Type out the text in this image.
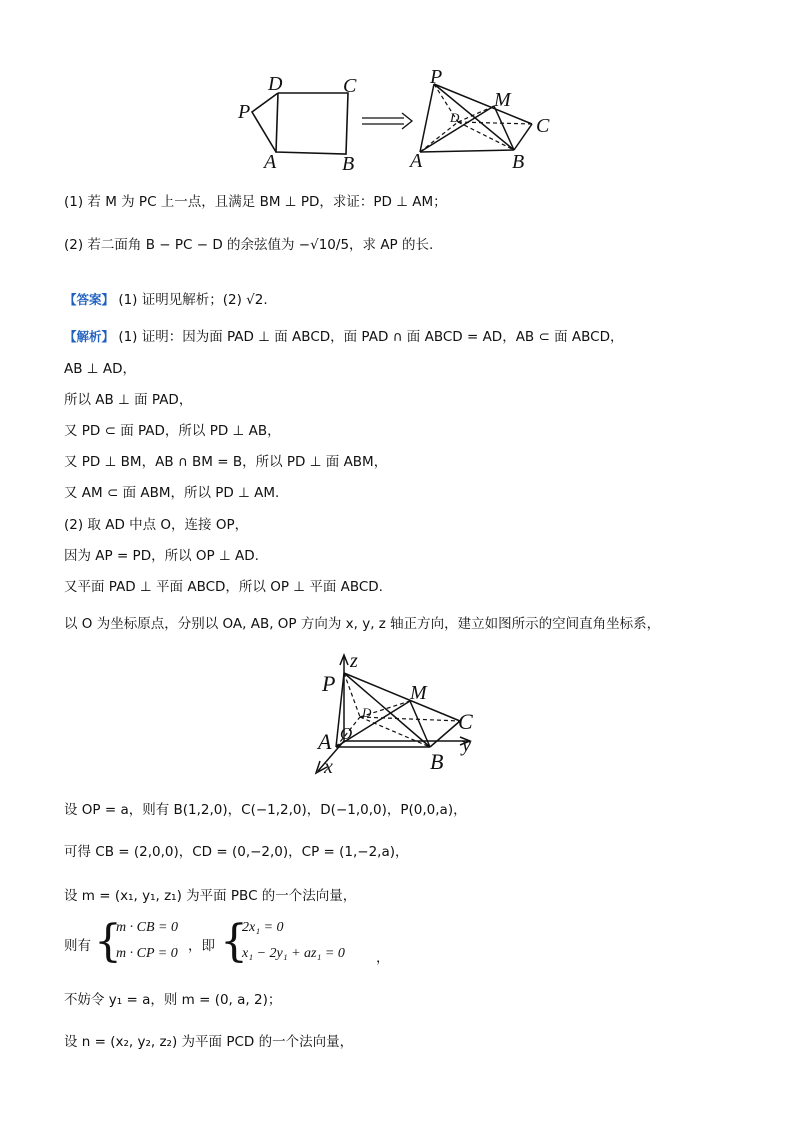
D	C
P
A	B
P
M
D	C
A	B
(1) 若 M 为 PC 上一点，且满足 BM ⊥ PD，求证：PD ⊥ AM；
(2) 若二面角 B − PC − D 的余弦值为 −√10/5，求 AP 的长.
【答案】 (1) 证明见解析；(2) √2.
【解析】 (1) 证明：因为面 PAD ⊥ 面 ABCD，面 PAD ∩ 面 ABCD = AD，AB ⊂ 面 ABCD，
AB ⊥ AD，
所以 AB ⊥ 面 PAD，
又 PD ⊂ 面 PAD，所以 PD ⊥ AB，
又 PD ⊥ BM，AB ∩ BM = B，所以 PD ⊥ 面 ABM，
又 AM ⊂ 面 ABM，所以 PD ⊥ AM.
(2) 取 AD 中点 O，连接 OP，
因为 AP = PD，所以 OP ⊥ AD.
又平面 PAD ⊥ 平面 ABCD，所以 OP ⊥ 平面 ABCD.
以 O 为坐标原点，分别以 OA, AB, OP 方向为 x, y, z 轴正方向，建立如图所示的空间直角坐标系，
z
P	M
D
O	C
A	y
B
x
设 OP = a，则有 B(1,2,0)，C(−1,2,0)，D(−1,0,0)，P(0,0,a)，
可得 CB = (2,0,0)，CD = (0,−2,0)，CP = (1,−2,a)，
设 m = (x₁, y₁, z₁) 为平面 PBC 的一个法向量，
则有 {
m · CB = 0
m · CP = 0 ，即 {
2x₁ = 0
x₁ − 2y₁ + az₁ = 0 ，
不妨令 y₁ = a，则 m = (0, a, 2)；
设 n = (x₂, y₂, z₂) 为平面 PCD 的一个法向量，
